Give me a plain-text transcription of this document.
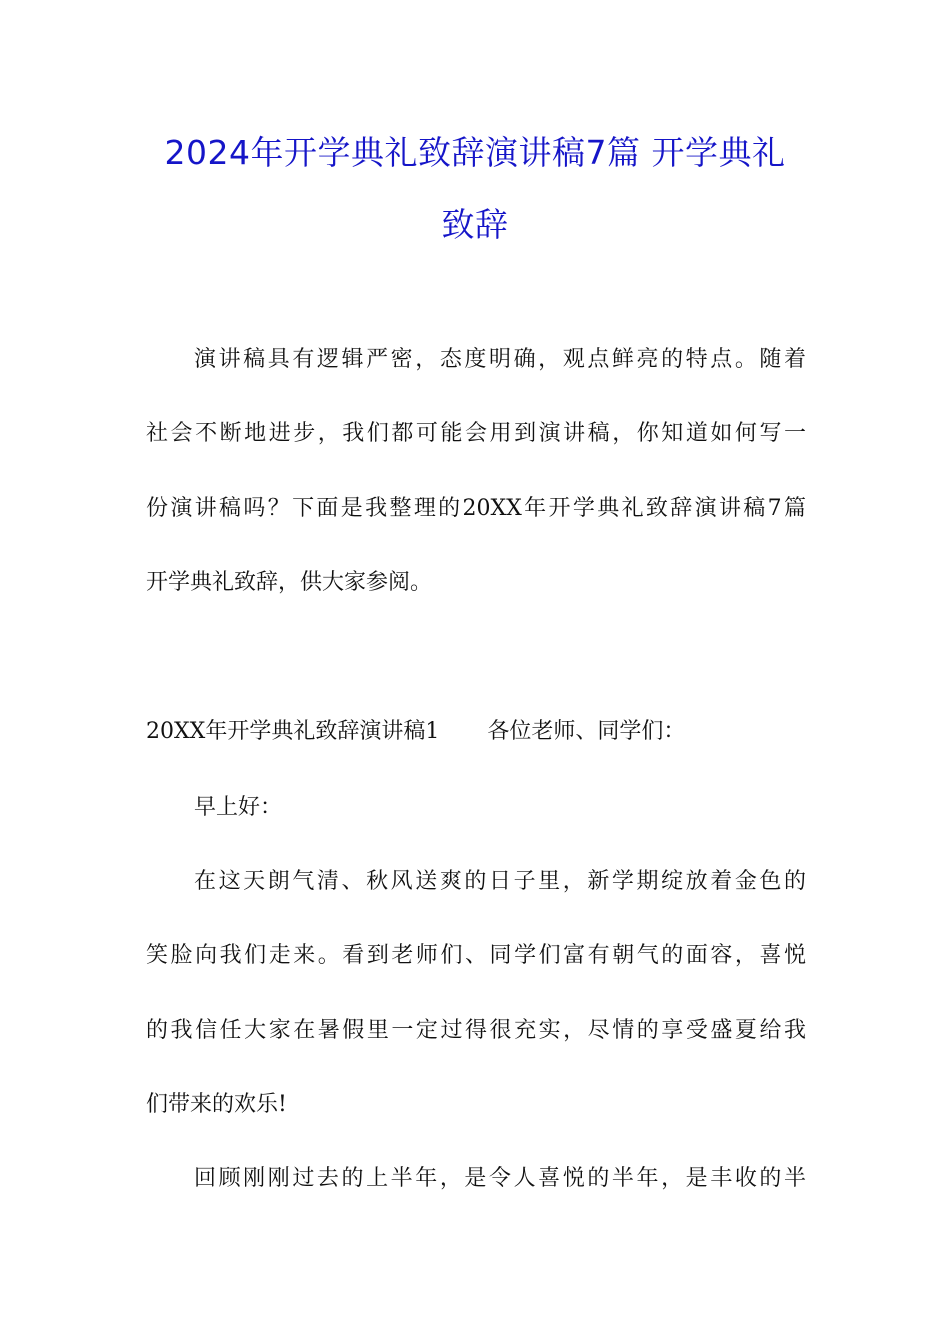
2024年开学典礼致辞演讲稿7篇 开学典礼
致辞
演讲稿具有逻辑严密，态度明确，观点鲜亮的特点。随着
社会不断地进步，我们都可能会用到演讲稿，你知道如何写一
份演讲稿吗？下面是我整理的20XX年开学典礼致辞演讲稿7篇
开学典礼致辞，供大家参阅。
20XX年开学典礼致辞演讲稿1 各位老师、同学们：
早上好：
在这天朗气清、秋风送爽的日子里，新学期绽放着金色的
笑脸向我们走来。看到老师们、同学们富有朝气的面容，喜悦
的我信任大家在暑假里一定过得很充实，尽情的享受盛夏给我
们带来的欢乐!
回顾刚刚过去的上半年，是令人喜悦的半年，是丰收的半
